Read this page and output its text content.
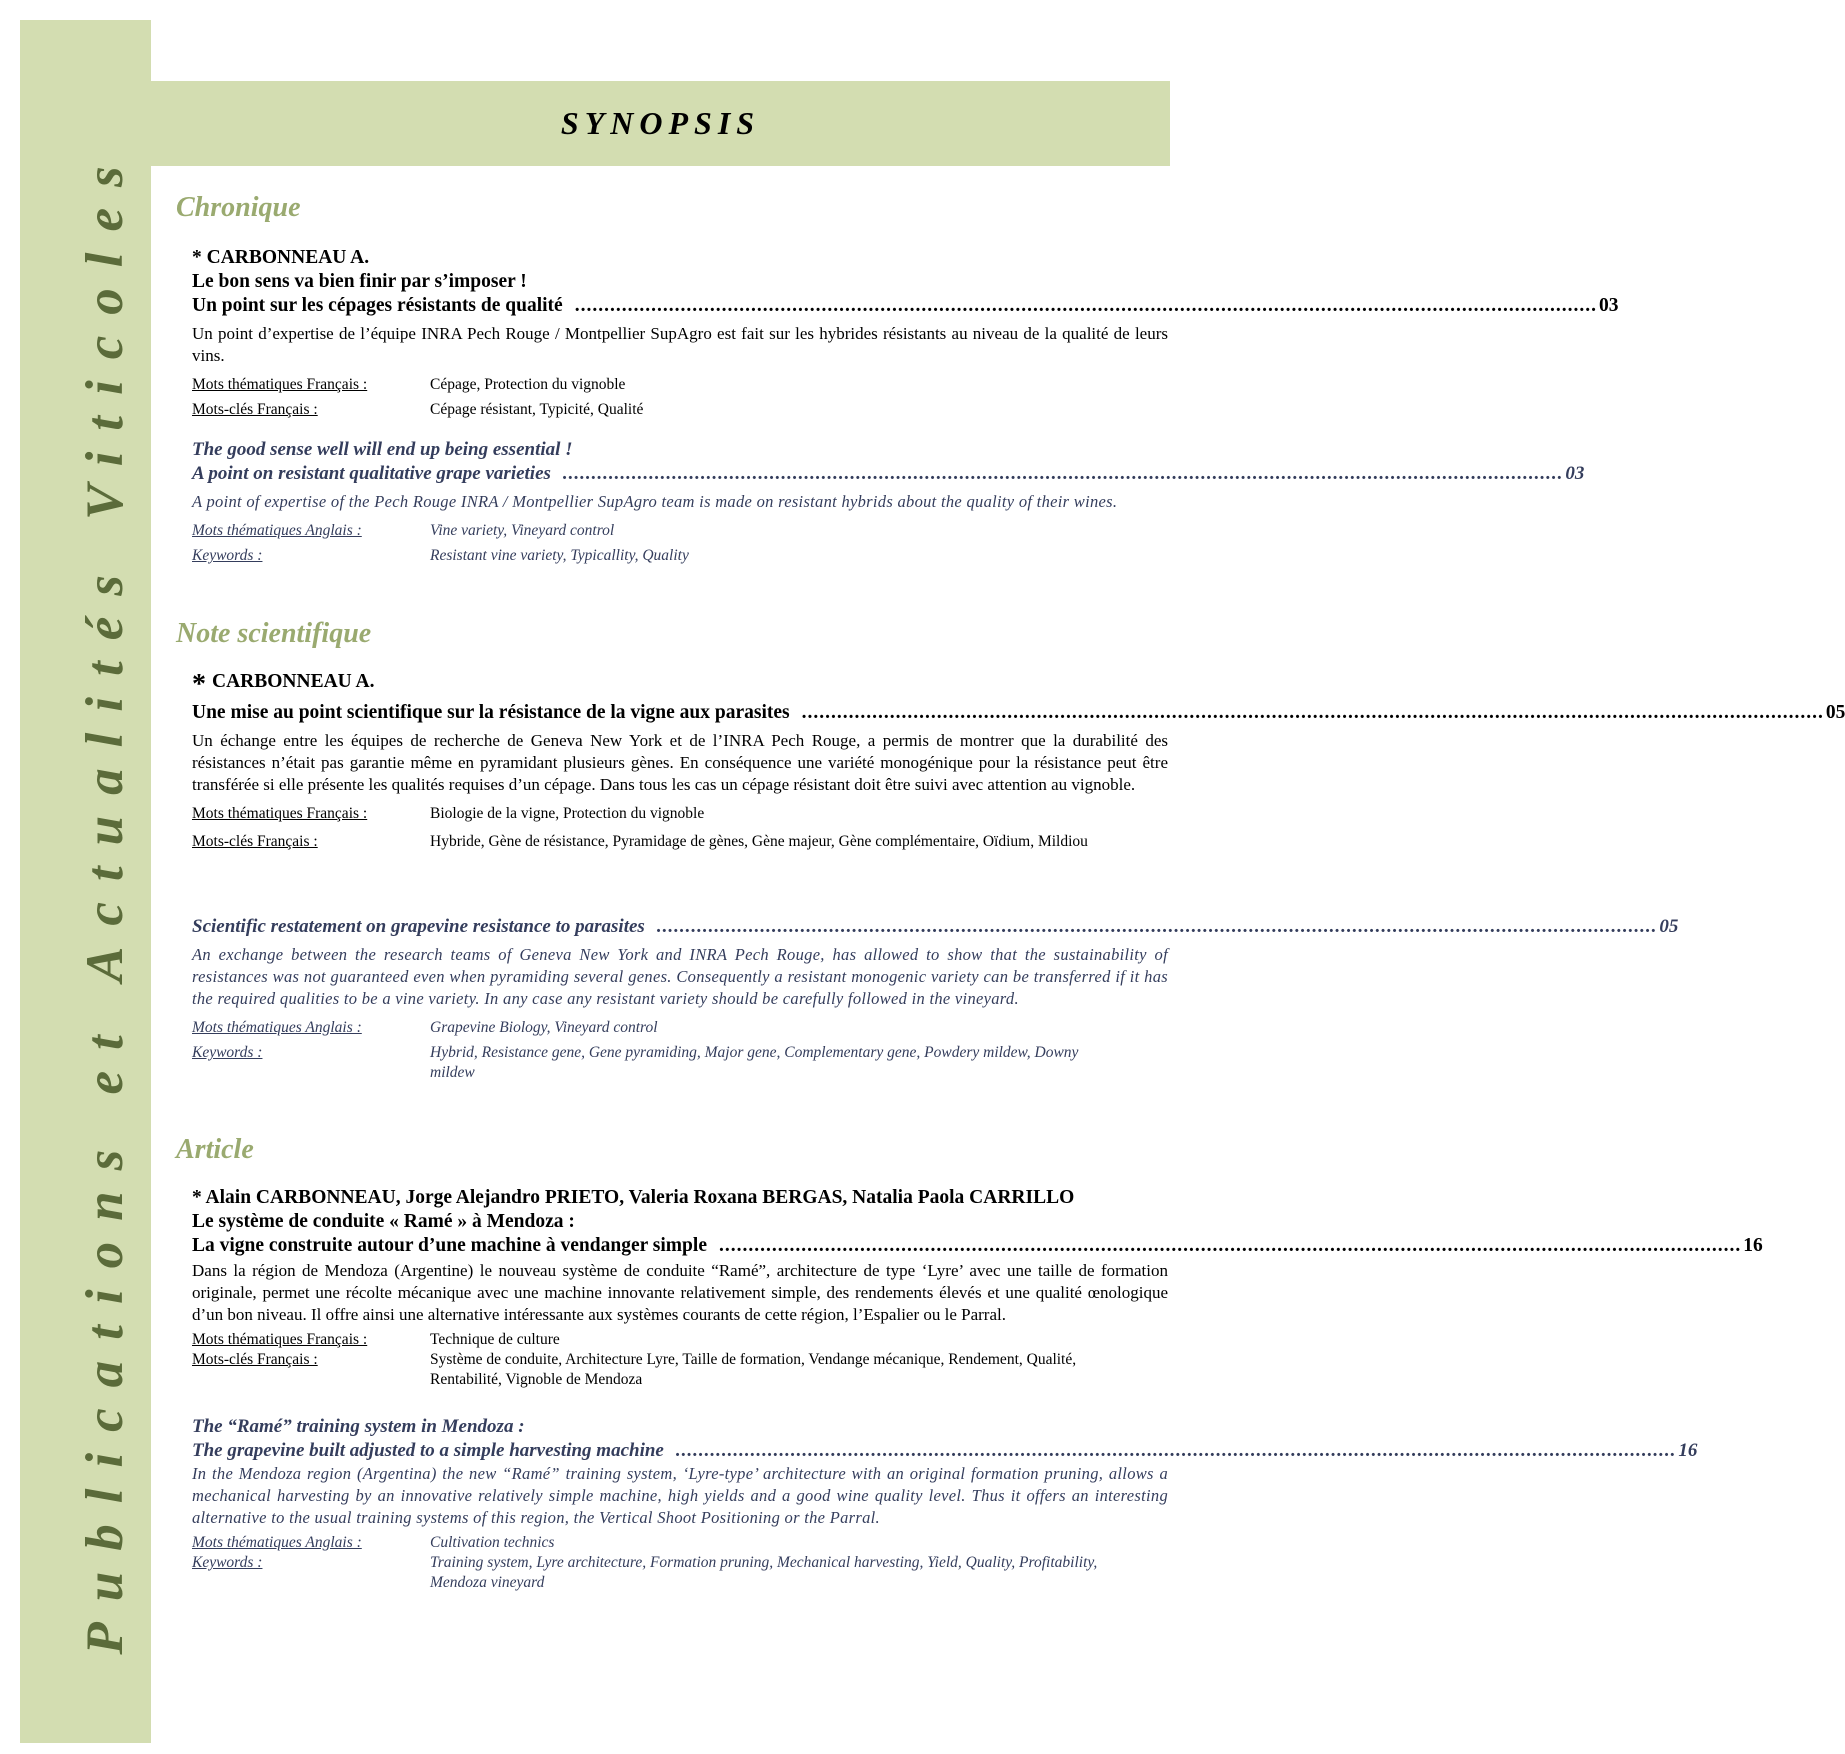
Publications et Actualités Viticoles
SYNOPSIS
Chronique
* CARBONNEAU A.
Le bon sens va bien finir par s’imposer !
Un point sur les cépages résistants de qualité .............................................................................................................................................................................. 03
Un point d’expertise de l’équipe INRA Pech Rouge / Montpellier SupAgro est fait sur les hybrides résistants au niveau de la qualité de leurs vins.
Mots thématiques Français :	Cépage, Protection du vignoble
Mots-clés Français :	Cépage résistant, Typicité, Qualité
The good sense well will end up being essential !
A point on resistant qualitative grape varieties .............................................................................................................................................................................. 03
A point of expertise of the Pech Rouge INRA / Montpellier SupAgro team is made on resistant hybrids about the quality of their wines.
Mots thématiques Anglais :	Vine variety, Vineyard control
Keywords :	Resistant vine variety, Typicallity, Quality
Note scientifique
* CARBONNEAU A.
Une mise au point scientifique sur la résistance de la vigne aux parasites .............................................................................................................................................................................. 05
Un échange entre les équipes de recherche de Geneva New York et de l’INRA Pech Rouge, a permis de montrer que la durabilité des résistances n’était pas garantie même en pyramidant plusieurs gènes. En conséquence une variété monogénique pour la résistance peut être transférée si elle présente les qualités requises d’un cépage. Dans tous les cas un cépage résistant doit être suivi avec attention au vignoble.
Mots thématiques Français :	Biologie de la vigne, Protection du vignoble
Mots-clés Français :	Hybride, Gène de résistance, Pyramidage de gènes, Gène majeur, Gène complémentaire, Oïdium, Mildiou
Scientific restatement on grapevine resistance to parasites .............................................................................................................................................................................. 05
An exchange between the research teams of Geneva New York and INRA Pech Rouge, has allowed to show that the sustainability of resistances was not guaranteed even when pyramiding several genes. Consequently a resistant monogenic variety can be transferred if it has the required qualities to be a vine variety. In any case any resistant variety should be carefully followed in the vineyard.
Mots thématiques Anglais :	Grapevine Biology, Vineyard control
Keywords :	Hybrid, Resistance gene, Gene pyramiding, Major gene, Complementary gene, Powdery mildew, Downy mildew
Article
* Alain CARBONNEAU, Jorge Alejandro PRIETO, Valeria Roxana BERGAS, Natalia Paola CARRILLO
Le système de conduite « Ramé » à Mendoza :
La vigne construite autour d’une machine à vendanger simple .............................................................................................................................................................................. 16
Dans la région de Mendoza (Argentine) le nouveau système de conduite “Ramé”, architecture de type ‘Lyre’ avec une taille de formation originale, permet une récolte mécanique avec une machine innovante relativement simple, des rendements élevés et une qualité œnologique d’un bon niveau. Il offre ainsi une alternative intéressante aux systèmes courants de cette région, l’Espalier ou le Parral.
Mots thématiques Français :	Technique de culture
Mots-clés Français :	Système de conduite, Architecture Lyre, Taille de formation, Vendange mécanique, Rendement, Qualité, Rentabilité, Vignoble de Mendoza
The “Ramé” training system in Mendoza :
The grapevine built adjusted to a simple harvesting machine .............................................................................................................................................................................. 16
In the Mendoza region (Argentina) the new “Ramé” training system, ‘Lyre-type’ architecture with an original formation pruning, allows a mechanical harvesting by an innovative relatively simple machine, high yields and a good wine quality level. Thus it offers an interesting alternative to the usual training systems of this region, the Vertical Shoot Positioning or the Parral.
Mots thématiques Anglais :	Cultivation technics
Keywords :	Training system, Lyre architecture, Formation pruning, Mechanical harvesting, Yield, Quality, Profitability, Mendoza vineyard
